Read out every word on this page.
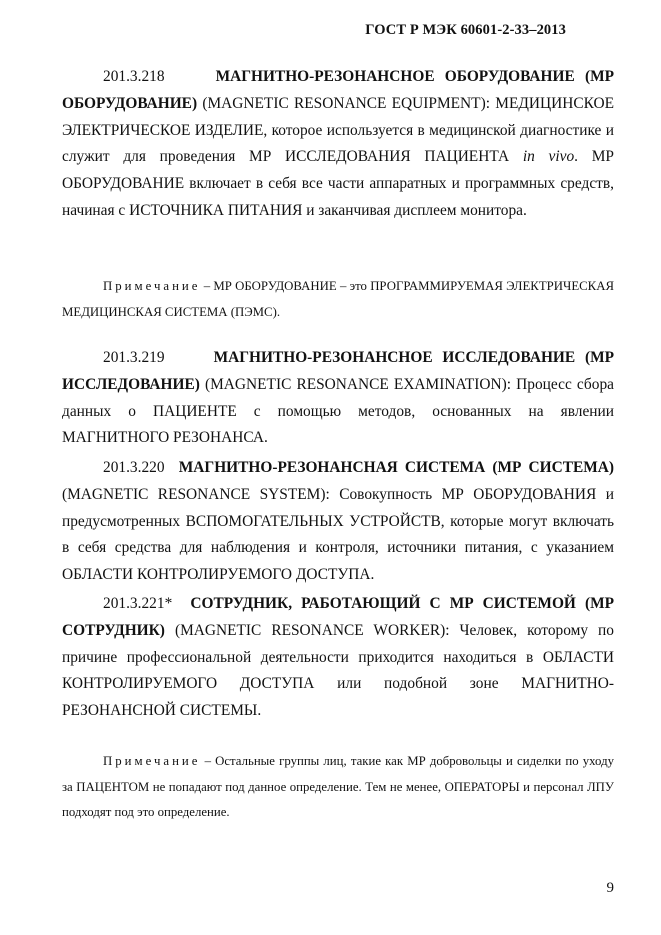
ГОСТ Р МЭК 60601-2-33–2013

201.3.218	МАГНИТНО-РЕЗОНАНСНОЕ ОБОРУДОВАНИЕ (МР ОБОРУДОВАНИЕ) (MAGNETIC RESONANCE EQUIPMENT): МЕДИЦИНСКОЕ ЭЛЕКТРИЧЕСКОЕ ИЗДЕЛИЕ, которое используется в медицинской диагностике и служит для проведения МР ИССЛЕДОВАНИЯ ПАЦИЕНТА in vivo. МР ОБОРУДОВАНИЕ включает в себя все части аппаратных и программных средств, начиная с ИСТОЧНИКА ПИТАНИЯ и заканчивая дисплеем монитора.

Примечание – МР ОБОРУДОВАНИЕ – это ПРОГРАММИРУЕМАЯ ЭЛЕКТРИЧЕСКАЯ МЕДИЦИНСКАЯ СИСТЕМА (ПЭМС).

201.3.219	МАГНИТНО-РЕЗОНАНСНОЕ ИССЛЕДОВАНИЕ (МР ИССЛЕДОВАНИЕ) (MAGNETIC RESONANCE EXAMINATION): Процесс сбора данных о ПАЦИЕНТЕ с помощью методов, основанных на явлении МАГНИТНОГО РЕЗОНАНСА.

201.3.220 МАГНИТНО-РЕЗОНАНСНАЯ СИСТЕМА (МР СИСТЕМА) (MAGNETIC RESONANCE SYSTEM): Совокупность МР ОБОРУДОВАНИЯ и предусмотренных ВСПОМОГАТЕЛЬНЫХ УСТРОЙСТВ, которые могут включать в себя средства для наблюдения и контроля, источники питания, с указанием ОБЛАСТИ КОНТРОЛИРУЕМОГО ДОСТУПА.

201.3.221* СОТРУДНИК, РАБОТАЮЩИЙ С МР СИСТЕМОЙ (МР СОТРУДНИК) (MAGNETIC RESONANCE WORKER): Человек, которому по причине профессиональной деятельности приходится находиться в ОБЛАСТИ КОНТРОЛИРУЕМОГО ДОСТУПА или подобной зоне МАГНИТНО-РЕЗОНАНСНОЙ СИСТЕМЫ.

Примечание – Остальные группы лиц, такие как МР добровольцы и сиделки по уходу за ПАЦЕНТОМ не попадают под данное определение. Тем не менее, ОПЕРАТОРЫ и персонал ЛПУ подходят под это определение.

9
